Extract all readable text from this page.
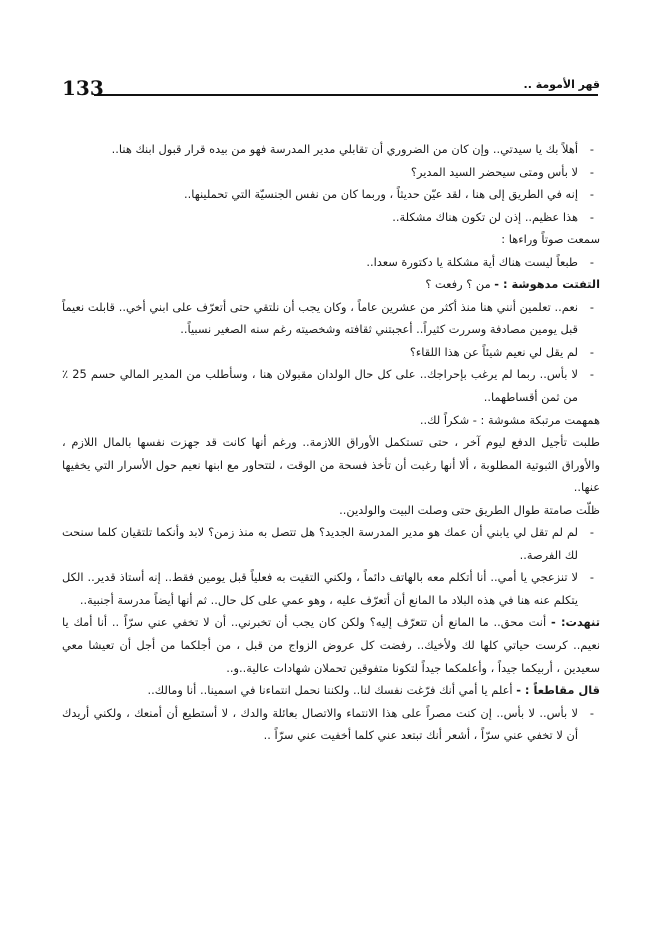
133	قهر الأمومة ..

- أهلاً بك يا سيدتي.. وإن كان من الضروري أن تقابلي مدير المدرسة فهو من بيده قرار قبول ابنك هنا..

- لا بأس ومتى سيحضر السيد المدير؟

- إنه في الطريق إلى هنا ، لقد عيّن حديثاً ، وربما كان من نفس الجنسيّة التي تحملينها..

- هذا عظيم.. إذن لن تكون هناك مشكلة..

سمعت صوتاً وراءها :

- طبعاً ليست هناك أية مشكلة يا دكتورة سعدا..

التفتت مدهوشة : - من ؟ رفعت ؟

- نعم.. تعلمين أنني هنا منذ أكثر من عشرين عاماً ، وكان يجب أن نلتقي حتى أتعرّف على ابني أخي.. قابلت نعيماً قبل يومين مصادفة وسررت كثيراً.. أعجبتني ثقافته وشخصيته رغم سنه الصغير نسبياً..

- لم يقل لي نعيم شيئاً عن هذا اللقاء؟

- لا بأس.. ربما لم يرغب بإحراجك.. على كل حال الولدان مقبولان هنا ، وسأطلب من المدير المالي حسم 25 ٪ من ثمن أقساطهما..

همهمت مرتبكة مشوشة : - شكراً لك..

طلبت تأجيل الدفع ليوم آخر ، حتى تستكمل الأوراق اللازمة.. ورغم أنها كانت قد جهزت نفسها بالمال اللازم ، والأوراق الثبوتية المطلوبة ، ألا أنها رغبت أن تأخذ فسحة من الوقت ، لتتحاور مع ابنها نعيم حول الأسرار التي يخفيها عنها..

ظلّت صامتة طوال الطريق حتى وصلت البيت والولدين..

- لم لم تقل لي يابني أن عمك هو مدير المدرسة الجديد؟ هل تتصل به منذ زمن؟ لابد وأنكما تلتقيان كلما سنحت لك الفرصة..

- لا تنزعجي يا أمي.. أنا أتكلم معه بالهاتف دائماً ، ولكني التقيت به فعلياً قبل يومين فقط.. إنه أستاذ قدير.. الكل يتكلم عنه هنا في هذه البلاد ما المانع أن أتعرّف عليه ، وهو عمي على كل حال.. ثم أنها أيضاً مدرسة أجنبية..

تنهدت: - أنت محق.. ما المانع أن تتعرّف إليه؟ ولكن كان يجب أن تخبرني.. أن لا تخفي عني سرّاً .. أنا أمك يا نعيم.. كرست حياتي كلها لك ولأخيك.. رفضت كل عروض الزواج من قبل ، من أجلكما من أجل أن تعيشا معي سعيدين ، أربيكما جيداً ، وأعلمكما جيداً لتكونا متفوقين تحملان شهادات عالية..و..

قال مقاطعاً : - أعلم يا أمي أنك فرّغت نفسك لنا.. ولكننا نحمل انتماءنا في اسمينا.. أنا ومالك..

- لا بأس.. لا بأس.. إن كنت مصراً على هذا الانتماء والاتصال بعائلة والدك ، لا أستطيع أن أمنعك ، ولكني أريدك أن لا تخفي عني سرّاً ، أشعر أنك تبتعد عني كلما أخفيت عني سرّاً ..
